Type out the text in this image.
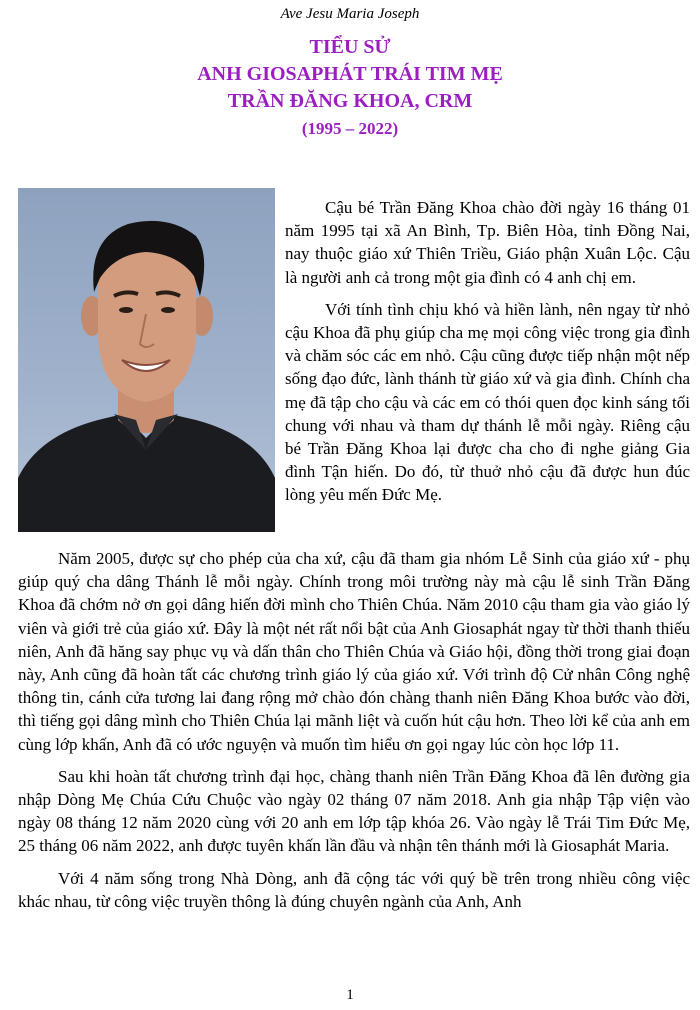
Ave Jesu Maria Joseph
TIỂU SỬ
ANH GIOSAPHÁT TRÁI TIM MẸ
TRẦN ĐĂNG KHOA, CRM
(1995 – 2022)

Cậu bé Trần Đăng Khoa chào đời ngày 16 tháng 01 năm 1995 tại xã An Bình, Tp. Biên Hòa, tỉnh Đồng Nai, nay thuộc giáo xứ Thiên Triều, Giáo phận Xuân Lộc. Cậu là người anh cả trong một gia đình có 4 anh chị em.

Với tính tình chịu khó và hiền lành, nên ngay từ nhỏ cậu Khoa đã phụ giúp cha mẹ mọi công việc trong gia đình và chăm sóc các em nhỏ. Cậu cũng được tiếp nhận một nếp sống đạo đức, lành thánh từ giáo xứ và gia đình. Chính cha mẹ đã tập cho cậu và các em có thói quen đọc kinh sáng tối chung với nhau và tham dự thánh lễ mỗi ngày. Riêng cậu bé Trần Đăng Khoa lại được cha cho đi nghe giảng Gia đình Tận hiến. Do đó, từ thuở nhỏ cậu đã được hun đúc lòng yêu mến Đức Mẹ.

Năm 2005, được sự cho phép của cha xứ, cậu đã tham gia nhóm Lễ Sinh của giáo xứ - phụ giúp quý cha dâng Thánh lễ mỗi ngày. Chính trong môi trường này mà cậu lễ sinh Trần Đăng Khoa đã chớm nở ơn gọi dâng hiến đời mình cho Thiên Chúa. Năm 2010 cậu tham gia vào giáo lý viên và giới trẻ của giáo xứ. Đây là một nét rất nổi bật của Anh Giosaphát ngay từ thời thanh thiếu niên, Anh đã hăng say phục vụ và dấn thân cho Thiên Chúa và Giáo hội, đồng thời trong giai đoạn này, Anh cũng đã hoàn tất các chương trình giáo lý của giáo xứ. Với trình độ Cử nhân Công nghệ thông tin, cánh cửa tương lai đang rộng mở chào đón chàng thanh niên Đăng Khoa bước vào đời, thì tiếng gọi dâng mình cho Thiên Chúa lại mãnh liệt và cuốn hút cậu hơn. Theo lời kể của anh em cùng lớp khấn, Anh đã có ước nguyện và muốn tìm hiểu ơn gọi ngay lúc còn học lớp 11.

Sau khi hoàn tất chương trình đại học, chàng thanh niên Trần Đăng Khoa đã lên đường gia nhập Dòng Mẹ Chúa Cứu Chuộc vào ngày 02 tháng 07 năm 2018. Anh gia nhập Tập viện vào ngày 08 tháng 12 năm 2020 cùng với 20 anh em lớp tập khóa 26. Vào ngày lễ Trái Tim Đức Mẹ, 25 tháng 06 năm 2022, anh được tuyên khấn lần đầu và nhận tên thánh mới là Giosaphát Maria.

Với 4 năm sống trong Nhà Dòng, anh đã cộng tác với quý bề trên trong nhiều công việc khác nhau, từ công việc truyền thông là đúng chuyên ngành của Anh, Anh

1
